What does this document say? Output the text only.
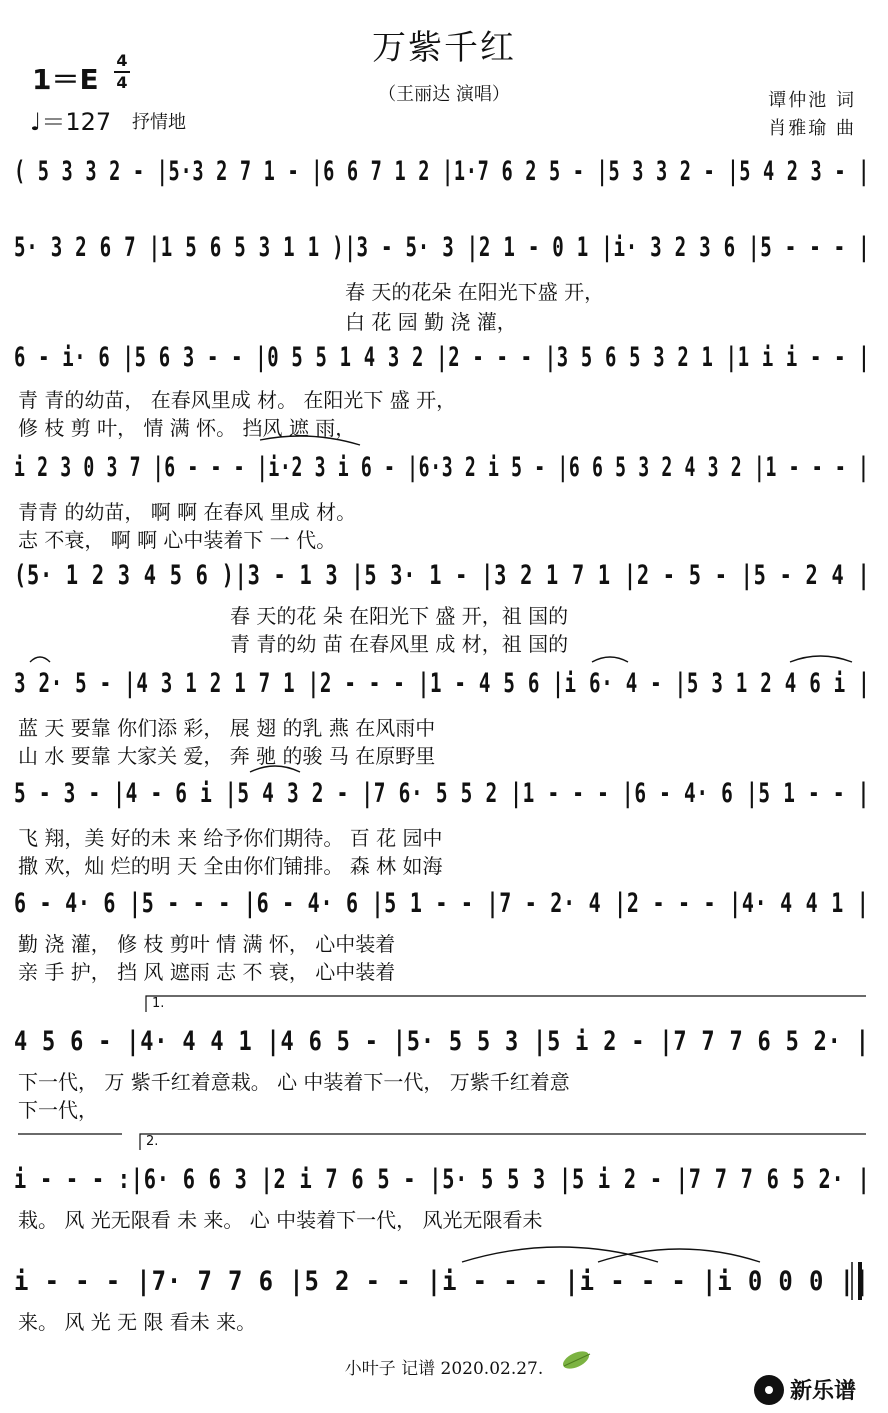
万紫千红
（王丽达 演唱）
1＝E
4
4
♩＝127 抒情地
谭仲池 词
肖雅瑜 曲
( 5 3 3 2 - |5·3 2 7 1 - |6 6 7 1 2 |1·7 6 2 5 - |5 3 3 2 - |5 4 2 3 - |
5· 3 2 6 7 |1 5 6 5 3 1 1 )|3 - 5· 3 |2 1 - 0 1 |i· 3 2 3 6 |5 - - - |
春 天的花朵 在阳光下盛 开，
白 花 园 勤 浇 灌，
6 - i· 6 |5 6 3 - - |0 5 5 1 4 3 2 |2 - - - |3 5 6 5 3 2 1 |1 i i - - |
青 青的幼苗， 在春风里成 材。 在阳光下 盛 开，
修 枝 剪 叶， 情 满 怀。 挡风 遮 雨，
i 2 3 0 3 7 |6 - - - |i·2 3 i 6 - |6·3 2 i 5 - |6 6 5 3 2 4 3 2 |1 - - - |
青青 的幼苗， 啊 啊 在春风 里成 材。
志 不衰， 啊 啊 心中装着下 一 代。
(5· 1 2 3 4 5 6 )|3 - 1 3 |5 3· 1 - |3 2 1 7 1 |2 - 5 - |5 - 2 4 |
春 天的花 朵 在阳光下 盛 开，祖 国的
青 青的幼 苗 在春风里 成 材，祖 国的
3 2· 5 - |4 3 1 2 1 7 1 |2 - - - |1 - 4 5 6 |i 6· 4 - |5 3 1 2 4 6 i |
蓝 天 要靠 你们添 彩， 展 翅 的乳 燕 在风雨中
山 水 要靠 大家关 爱， 奔 驰 的骏 马 在原野里
5 - 3 - |4 - 6 i |5 4 3 2 - |7 6· 5 5 2 |1 - - - |6 - 4· 6 |5 1 - - |
飞 翔，美 好的未 来 给予你们期待。 百 花 园中
撒 欢，灿 烂的明 天 全由你们铺排。 森 林 如海
6 - 4· 6 |5 - - - |6 - 4· 6 |5 1 - - |7 - 2· 4 |2 - - - |4· 4 4 1 |
勤 浇 灌， 修 枝 剪叶 情 满 怀， 心中装着
亲 手 护， 挡 风 遮雨 志 不 衰， 心中装着
1.
4 5 6 - |4· 4 4 1 |4 6 5 - |5· 5 5 3 |5 i 2 - |7 7 7 6 5 2· |
下一代， 万 紫千红着意栽。 心 中装着下一代， 万紫千红着意
下一代，
2.
i - - - :|6· 6 6 3 |2 i 7 6 5 - |5· 5 5 3 |5 i 2 - |7 7 7 6 5 2· |
栽。 风 光无限看 未 来。 心 中装着下一代， 风光无限看未
i - - - |7· 7 7 6 |5 2 - - |i - - - |i - - - |i 0 0 0 ||
来。 风 光 无 限 看未 来。
小叶子 记谱 2020.02.27.
新乐谱
